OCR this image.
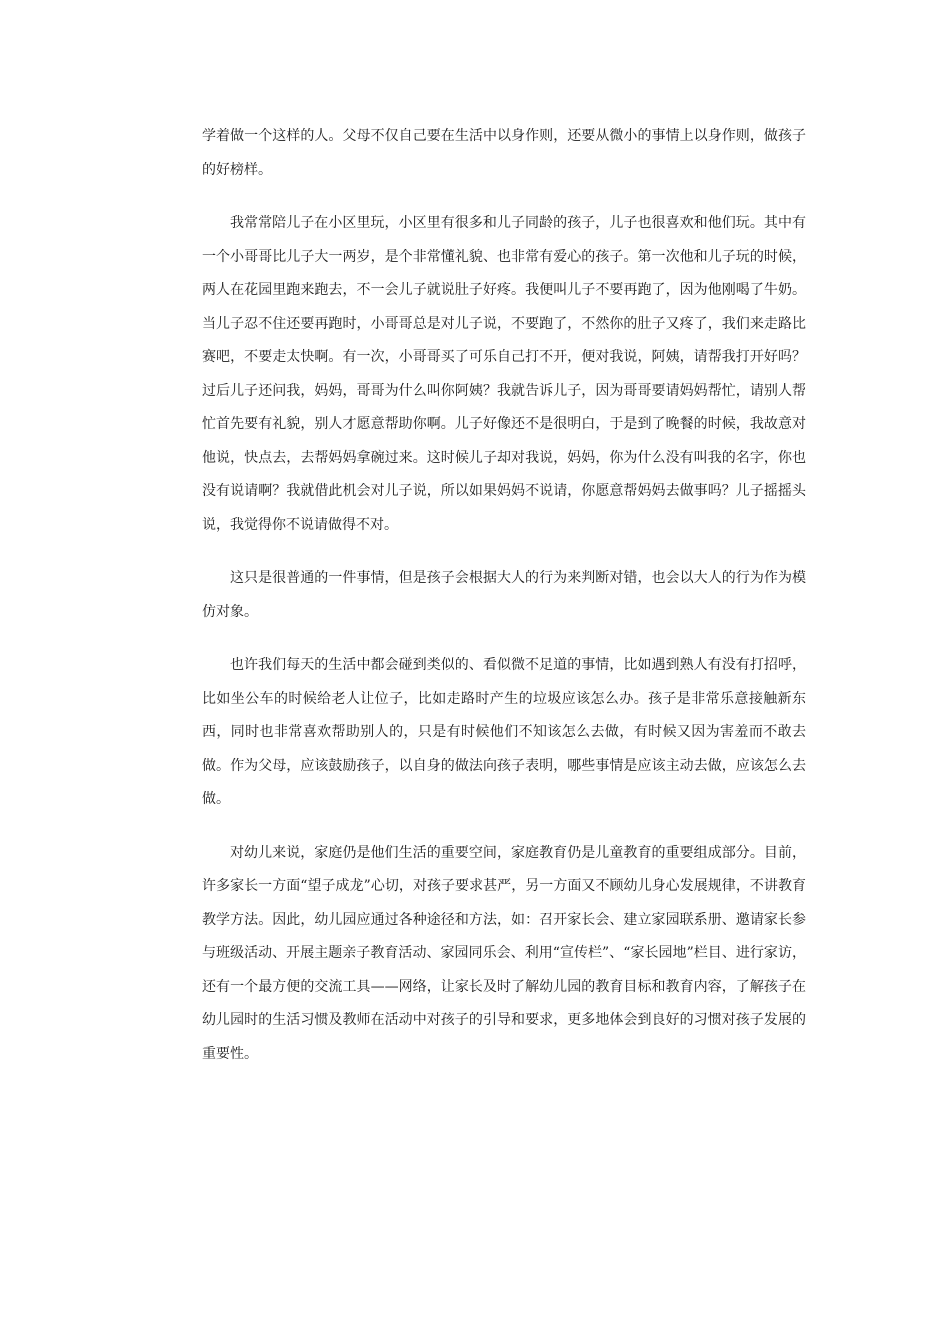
学着做一个这样的人。父母不仅自己要在生活中以身作则，还要从微小的事情上以身作则，做孩子的好榜样。

我常常陪儿子在小区里玩，小区里有很多和儿子同龄的孩子，儿子也很喜欢和他们玩。其中有一个小哥哥比儿子大一两岁，是个非常懂礼貌、也非常有爱心的孩子。第一次他和儿子玩的时候，两人在花园里跑来跑去，不一会儿子就说肚子好疼。我便叫儿子不要再跑了，因为他刚喝了牛奶。当儿子忍不住还要再跑时，小哥哥总是对儿子说，不要跑了，不然你的肚子又疼了，我们来走路比赛吧，不要走太快啊。有一次，小哥哥买了可乐自己打不开，便对我说，阿姨，请帮我打开好吗？过后儿子还问我，妈妈，哥哥为什么叫你阿姨？我就告诉儿子，因为哥哥要请妈妈帮忙，请别人帮忙首先要有礼貌，别人才愿意帮助你啊。儿子好像还不是很明白，于是到了晚餐的时候，我故意对他说，快点去，去帮妈妈拿碗过来。这时候儿子却对我说，妈妈，你为什么没有叫我的名字，你也没有说请啊？我就借此机会对儿子说，所以如果妈妈不说请，你愿意帮妈妈去做事吗？儿子摇摇头说，我觉得你不说请做得不对。

这只是很普通的一件事情，但是孩子会根据大人的行为来判断对错，也会以大人的行为作为模仿对象。

也许我们每天的生活中都会碰到类似的、看似微不足道的事情，比如遇到熟人有没有打招呼，比如坐公车的时候给老人让位子，比如走路时产生的垃圾应该怎么办。孩子是非常乐意接触新东西，同时也非常喜欢帮助别人的，只是有时候他们不知该怎么去做，有时候又因为害羞而不敢去做。作为父母，应该鼓励孩子，以自身的做法向孩子表明，哪些事情是应该主动去做，应该怎么去做。

对幼儿来说，家庭仍是他们生活的重要空间，家庭教育仍是儿童教育的重要组成部分。目前，许多家长一方面“望子成龙”心切，对孩子要求甚严，另一方面又不顾幼儿身心发展规律，不讲教育教学方法。因此，幼儿园应通过各种途径和方法，如：召开家长会、建立家园联系册、邀请家长参与班级活动、开展主题亲子教育活动、家园同乐会、利用“宣传栏”、“家长园地”栏目、进行家访，还有一个最方便的交流工具——网络，让家长及时了解幼儿园的教育目标和教育内容，了解孩子在幼儿园时的生活习惯及教师在活动中对孩子的引导和要求，更多地体会到良好的习惯对孩子发展的重要性。
